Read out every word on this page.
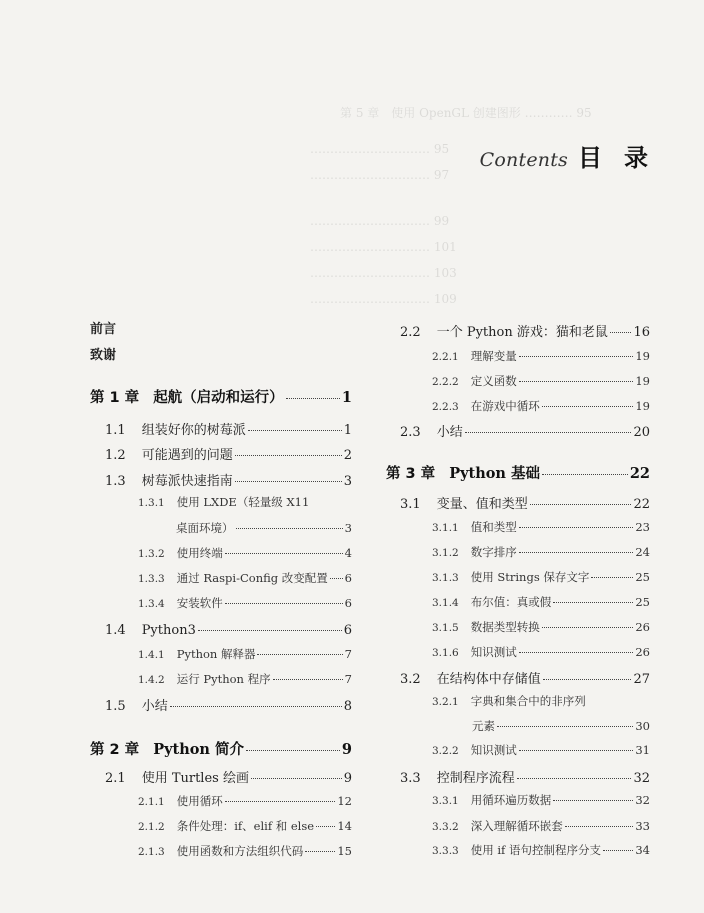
第 5 章　使用 OpenGL 创建图形 ………… 95
………………………… 95
………………………… 97
………………………… 99
………………………… 101
………………………… 103
………………………… 109
Contents 目录
前言
致谢
第 1 章 起航（启动和运行）	1
1.1 组装好你的树莓派	1
1.2 可能遇到的问题	2
1.3 树莓派快速指南	3
1.3.1 使用 LXDE（轻量级 X11
桌面环境）	3
1.3.2 使用终端	4
1.3.3 通过 Raspi-Config 改变配置 6
1.3.4 安装软件	6
1.4 Python3	6
1.4.1 Python 解释器	7
1.4.2 运行 Python 程序	7
1.5 小结	8
第 2 章 Python 简介	9
2.1 使用 Turtles 绘画	9
2.1.1 使用循环	12
2.1.2 条件处理：if、elif 和 else 14
2.1.3 使用函数和方法组织代码	15
2.2 一个 Python 游戏：猫和老鼠 16
2.2.1 理解变量	19
2.2.2 定义函数	19
2.2.3 在游戏中循环	19
2.3 小结	20
第 3 章 Python 基础	22
3.1 变量、值和类型	22
3.1.1 值和类型	23
3.1.2 数字排序	24
3.1.3 使用 Strings 保存文字	25
3.1.4 布尔值：真或假	25
3.1.5 数据类型转换	26
3.1.6 知识测试	26
3.2 在结构体中存储值	27
3.2.1 字典和集合中的非序列
元素	30
3.2.2 知识测试	31
3.3 控制程序流程	32
3.3.1 用循环遍历数据	32
3.3.2 深入理解循环嵌套	33
3.3.3 使用 if 语句控制程序分支	34
